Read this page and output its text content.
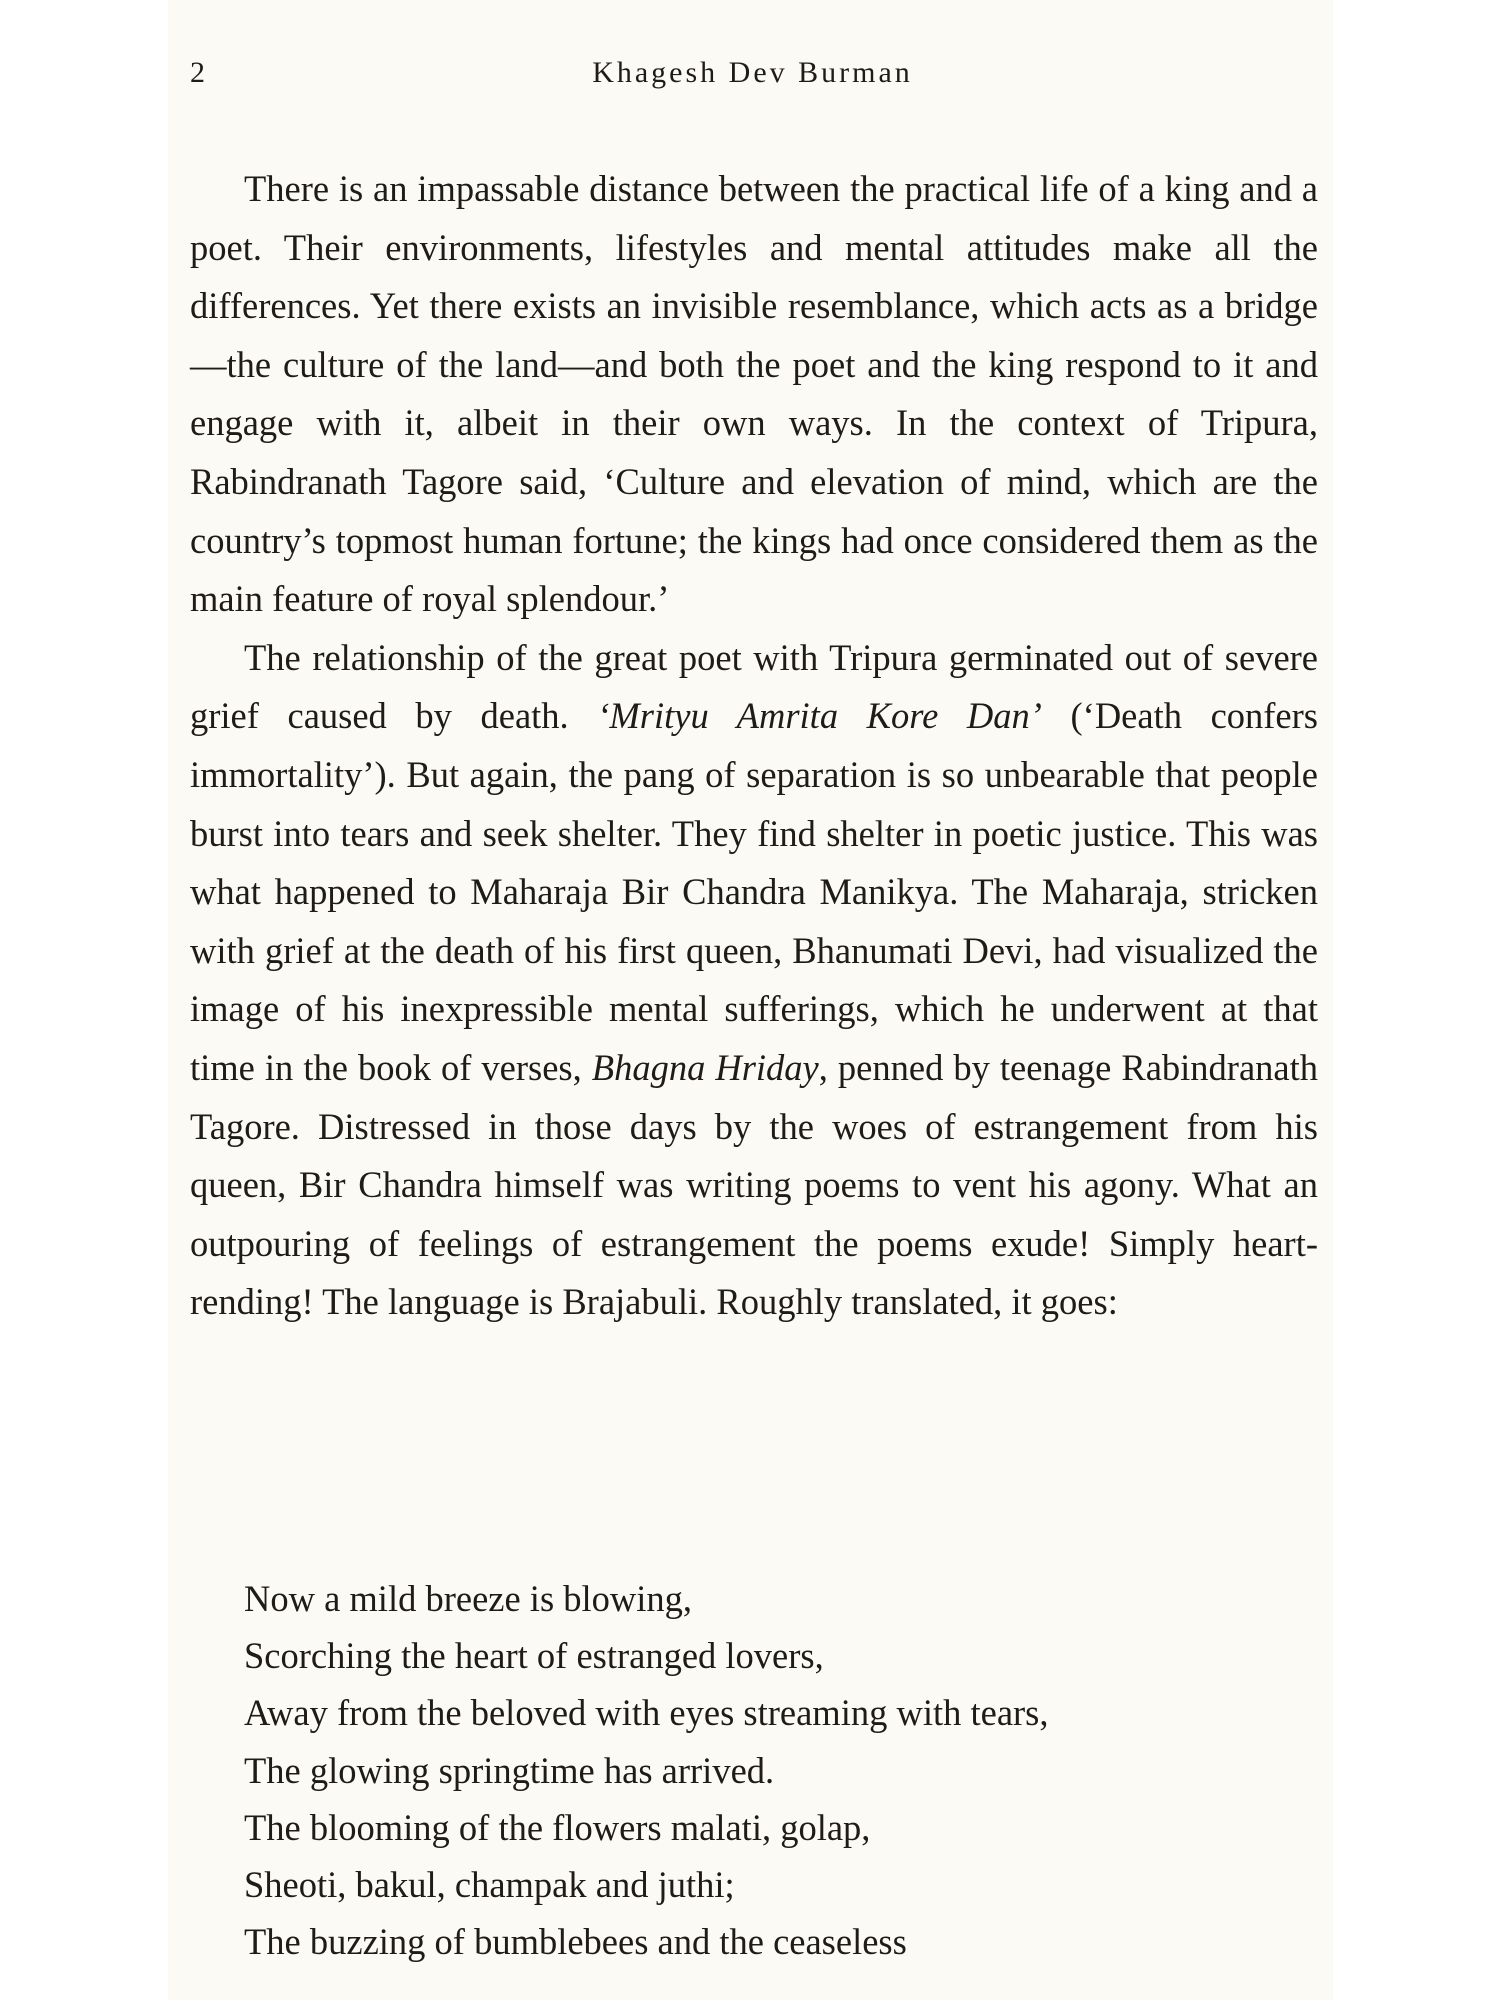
2	Khagesh Dev Burman

There is an impassable distance between the practical life of a king and a poet. Their environments, lifestyles and mental attitudes make all the differences. Yet there exists an invisible resemblance, which acts as a bridge—the culture of the land—and both the poet and the king respond to it and engage with it, albeit in their own ways. In the context of Tripura, Rabindranath Tagore said, ‘Culture and elevation of mind, which are the country’s topmost human fortune; the kings had once considered them as the main feature of royal splendour.’

The relationship of the great poet with Tripura germinated out of severe grief caused by death. ‘Mrityu Amrita Kore Dan’ (‘Death confers immortality’). But again, the pang of separation is so unbearable that people burst into tears and seek shelter. They find shelter in poetic justice. This was what happened to Maharaja Bir Chandra Manikya. The Maharaja, stricken with grief at the death of his first queen, Bhanumati Devi, had visualized the image of his inexpressible mental sufferings, which he underwent at that time in the book of verses, Bhagna Hriday, penned by teenage Rabindranath Tagore. Distressed in those days by the woes of estrangement from his queen, Bir Chandra himself was writing poems to vent his agony. What an outpouring of feelings of estrangement the poems exude! Simply heart-rending! The language is Brajabuli. Roughly translated, it goes:

Now a mild breeze is blowing,
Scorching the heart of estranged lovers,
Away from the beloved with eyes streaming with tears,
The glowing springtime has arrived.
The blooming of the flowers malati, golap,
Sheoti, bakul, champak and juthi;
The buzzing of bumblebees and the ceaseless
